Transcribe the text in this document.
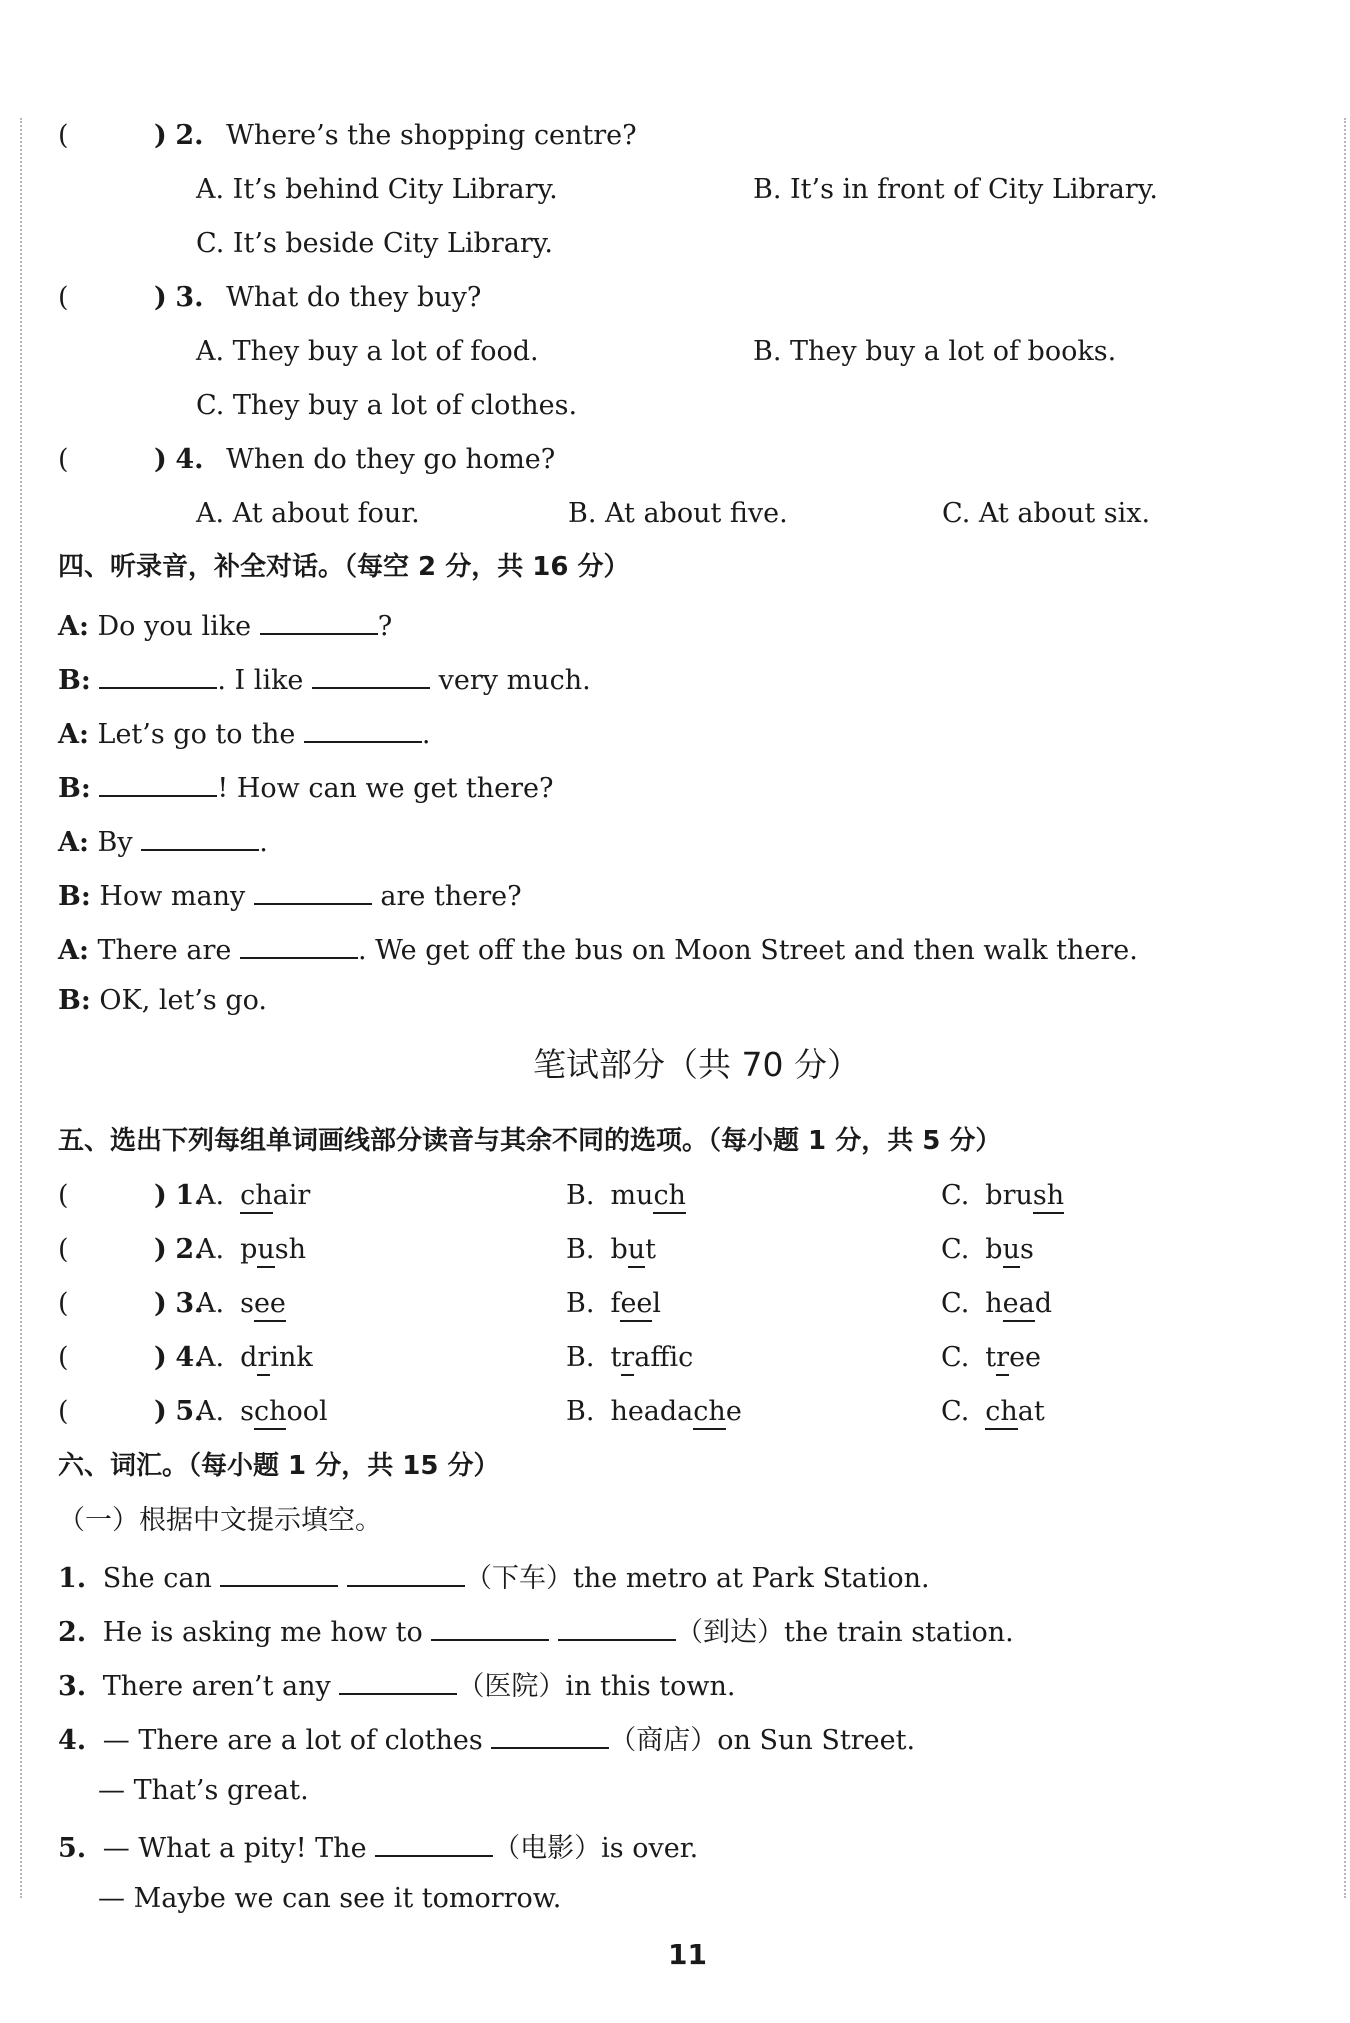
(	) 2. Where’s the shopping centre?
A. It’s behind City Library.	B. It’s in front of City Library.
C. It’s beside City Library.
(	) 3. What do they buy?
A. They buy a lot of food.	B. They buy a lot of books.
C. They buy a lot of clothes.
(	) 4. When do they go home?
A. At about four.	B. At about five.	C. At about six.
四、听录音，补全对话。（每空 2 分，共 16 分）
A: Do you like	?
B:	. I like	very much.
A: Let’s go to the	.
B:	! How can we get there?
A: By	.
B: How many	are there?
A: There are	. We get off the bus on Moon Street and then walk there.
B: OK, let’s go.
笔试部分（共 70 分）
五、选出下列每组单词画线部分读音与其余不同的选项。（每小题 1 分，共 5 分）
(	) 1.
A. chair	B. much	C. brush
(	) 2.
A. push	B. but	C. bus
(	) 3.
A. see	B. feel	C. head
(	) 4.
A. drink	B. traffic	C. tree
(	) 5.
A. school	B. headache	C. chat
六、词汇。（每小题 1 分，共 15 分）
（一）根据中文提示填空。
1. She can	（下车）the metro at Park Station.
2. He is asking me how to	（到达）the train station.
3. There aren’t any	（医院）in this town.
4. — There are a lot of clothes	（商店）on Sun Street.
— That’s great.
5. — What a pity! The	（电影）is over.
— Maybe we can see it tomorrow.
11
